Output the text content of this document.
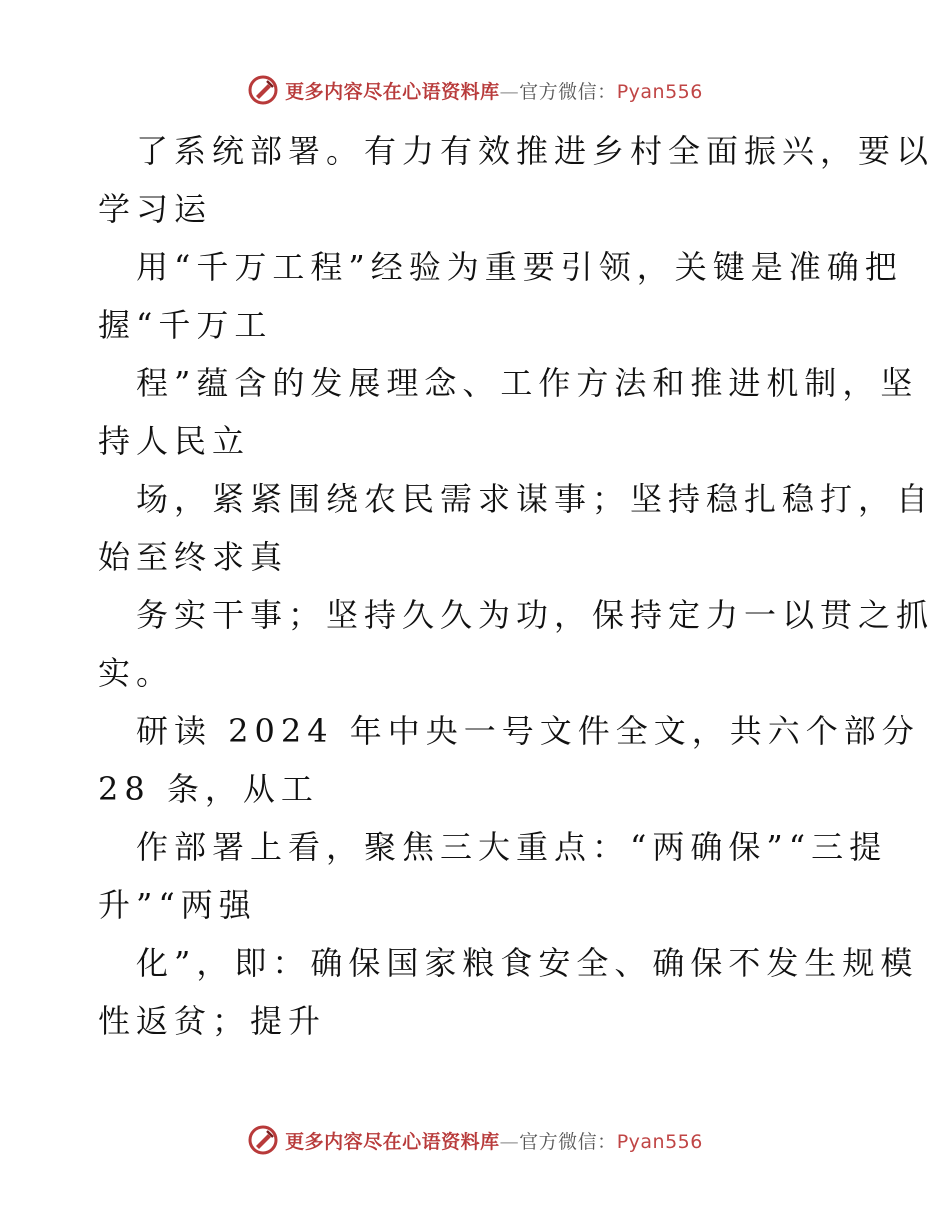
更多内容尽在心语资料库—官方微信：Pyan556
了系统部署。有力有效推进乡村全面振兴，要以
学习运
用“千万工程”经验为重要引领，关键是准确把
握“千万工
程”蕴含的发展理念、工作方法和推进机制，坚
持人民立
场，紧紧围绕农民需求谋事；坚持稳扎稳打，自
始至终求真
务实干事；坚持久久为功，保持定力一以贯之抓
实。
研读 2024 年中央一号文件全文，共六个部分
28 条，从工
作部署上看，聚焦三大重点：“两确保”“三提
升”“两强
化”，即：确保国家粮食安全、确保不发生规模
性返贫；提升
更多内容尽在心语资料库—官方微信：Pyan556
